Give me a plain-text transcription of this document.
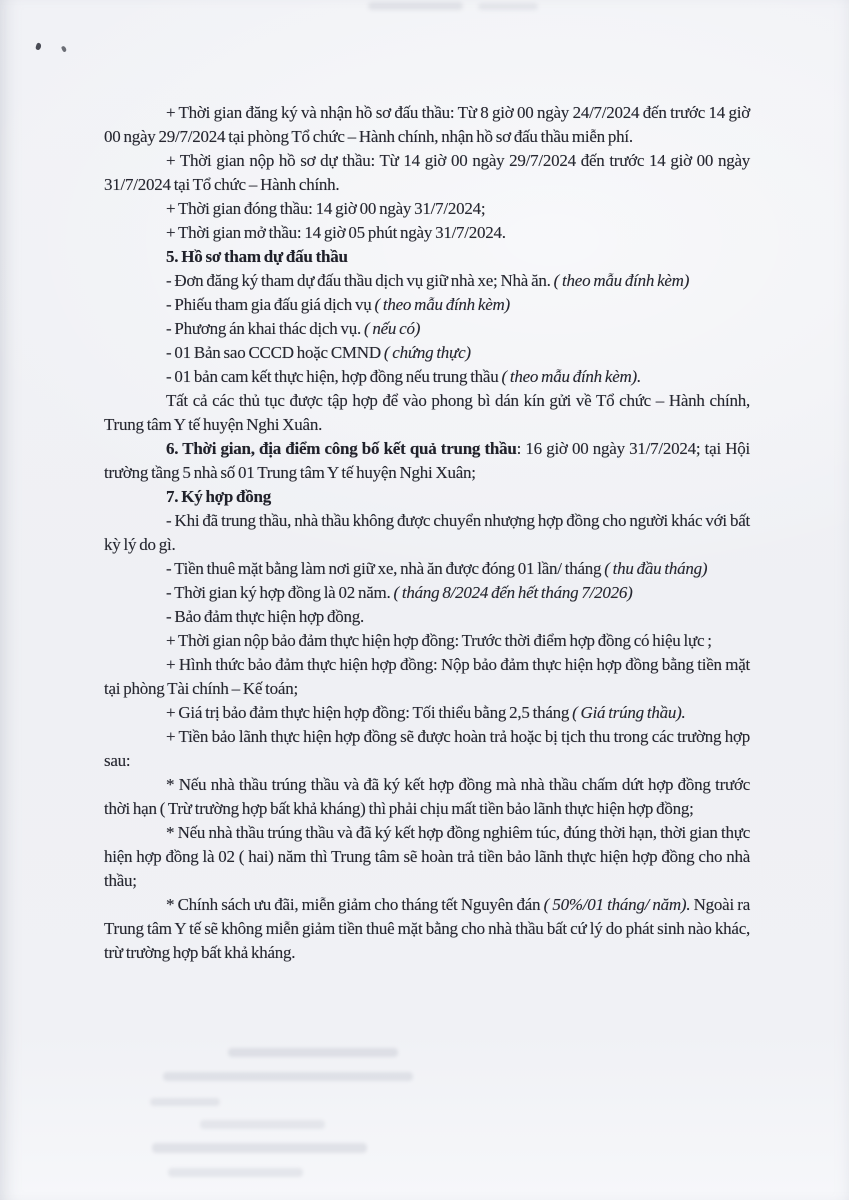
+ Thời gian đăng ký và nhận hồ sơ đấu thầu: Từ 8 giờ 00 ngày 24/7/2024 đến trước 14 giờ 00 ngày 29/7/2024 tại phòng Tổ chức – Hành chính, nhận hồ sơ đấu thầu miễn phí.

+ Thời gian nộp hồ sơ dự thầu: Từ 14 giờ 00 ngày 29/7/2024 đến trước 14 giờ 00 ngày 31/7/2024 tại Tổ chức – Hành chính.

+ Thời gian đóng thầu: 14 giờ 00 ngày 31/7/2024;

+ Thời gian mở thầu: 14 giờ 05 phút ngày 31/7/2024.

5. Hồ sơ tham dự đấu thầu

- Đơn đăng ký tham dự đấu thầu dịch vụ giữ nhà xe; Nhà ăn. ( theo mẫu đính kèm)

- Phiếu tham gia đấu giá dịch vụ ( theo mẫu đính kèm)

- Phương án khai thác dịch vụ. ( nếu có)

- 01 Bản sao CCCD hoặc CMND ( chứng thực)

- 01 bản cam kết thực hiện, hợp đồng nếu trung thầu ( theo mẫu đính kèm).

Tất cả các thủ tục được tập hợp để vào phong bì dán kín gửi về Tổ chức – Hành chính, Trung tâm Y tế huyện Nghi Xuân.

6. Thời gian, địa điểm công bố kết quả trung thầu: 16 giờ 00 ngày 31/7/2024; tại Hội trường tầng 5 nhà số 01 Trung tâm Y tế huyện Nghi Xuân;

7. Ký hợp đồng

- Khi đã trung thầu, nhà thầu không được chuyển nhượng hợp đồng cho người khác với bất kỳ lý do gì.

- Tiền thuê mặt bằng làm nơi giữ xe, nhà ăn được đóng 01 lần/ tháng ( thu đầu tháng)

- Thời gian ký hợp đồng là 02 năm. ( tháng 8/2024 đến hết tháng 7/2026)

- Bảo đảm thực hiện hợp đồng.

+ Thời gian nộp bảo đảm thực hiện hợp đồng: Trước thời điểm hợp đồng có hiệu lực ;

+ Hình thức bảo đảm thực hiện hợp đồng: Nộp bảo đảm thực hiện hợp đồng bằng tiền mặt tại phòng Tài chính – Kế toán;

+ Giá trị bảo đảm thực hiện hợp đồng: Tối thiểu bằng 2,5 tháng ( Giá trúng thầu).

+ Tiền bảo lãnh thực hiện hợp đồng sẽ được hoàn trả hoặc bị tịch thu trong các trường hợp sau:

* Nếu nhà thầu trúng thầu và đã ký kết hợp đồng mà nhà thầu chấm dứt hợp đồng trước thời hạn ( Trừ trường hợp bất khả kháng) thì phải chịu mất tiền bảo lãnh thực hiện hợp đồng;

* Nếu nhà thầu trúng thầu và đã ký kết hợp đồng nghiêm túc, đúng thời hạn, thời gian thực hiện hợp đồng là 02 ( hai) năm thì Trung tâm sẽ hoàn trả tiền bảo lãnh thực hiện hợp đồng cho nhà thầu;

* Chính sách ưu đãi, miễn giảm cho tháng tết Nguyên đán ( 50%/01 tháng/ năm). Ngoài ra Trung tâm Y tế sẽ không miễn giảm tiền thuê mặt bằng cho nhà thầu bất cứ lý do phát sinh nào khác, trừ trường hợp bất khả kháng.
